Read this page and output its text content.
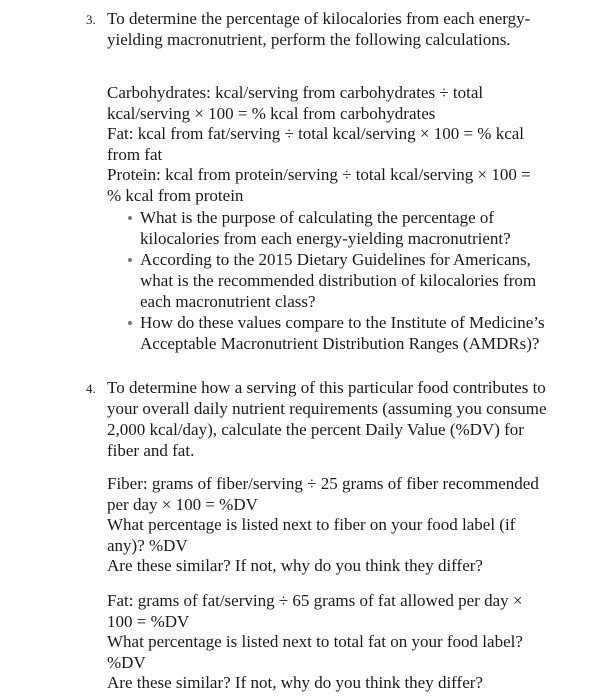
3. To determine the percentage of kilocalories from each energy-yielding macronutrient, perform the following calculations.

Carbohydrates: kcal/serving from carbohydrates ÷ total kcal/serving × 100 = % kcal from carbohydrates

Fat: kcal from fat/serving ÷ total kcal/serving × 100 = % kcal from fat

Protein: kcal from protein/serving ÷ total kcal/serving × 100 = % kcal from protein

What is the purpose of calculating the percentage of kilocalories from each energy-yielding macronutrient?
According to the 2015 Dietary Guidelines for Americans, what is the recommended distribution of kilocalories from each macronutrient class?
How do these values compare to the Institute of Medicine’s Acceptable Macronutrient Distribution Ranges (AMDRs)?
4. To determine how a serving of this particular food contributes to your overall daily nutrient requirements (assuming you consume 2,000 kcal/day), calculate the percent Daily Value (%DV) for fiber and fat.

Fiber: grams of fiber/serving ÷ 25 grams of fiber recommended per day × 100 = %DV

What percentage is listed next to fiber on your food label (if any)? %DV

Are these similar? If not, why do you think they differ?

Fat: grams of fat/serving ÷ 65 grams of fat allowed per day × 100 = %DV

What percentage is listed next to total fat on your food label? %DV

Are these similar? If not, why do you think they differ?
